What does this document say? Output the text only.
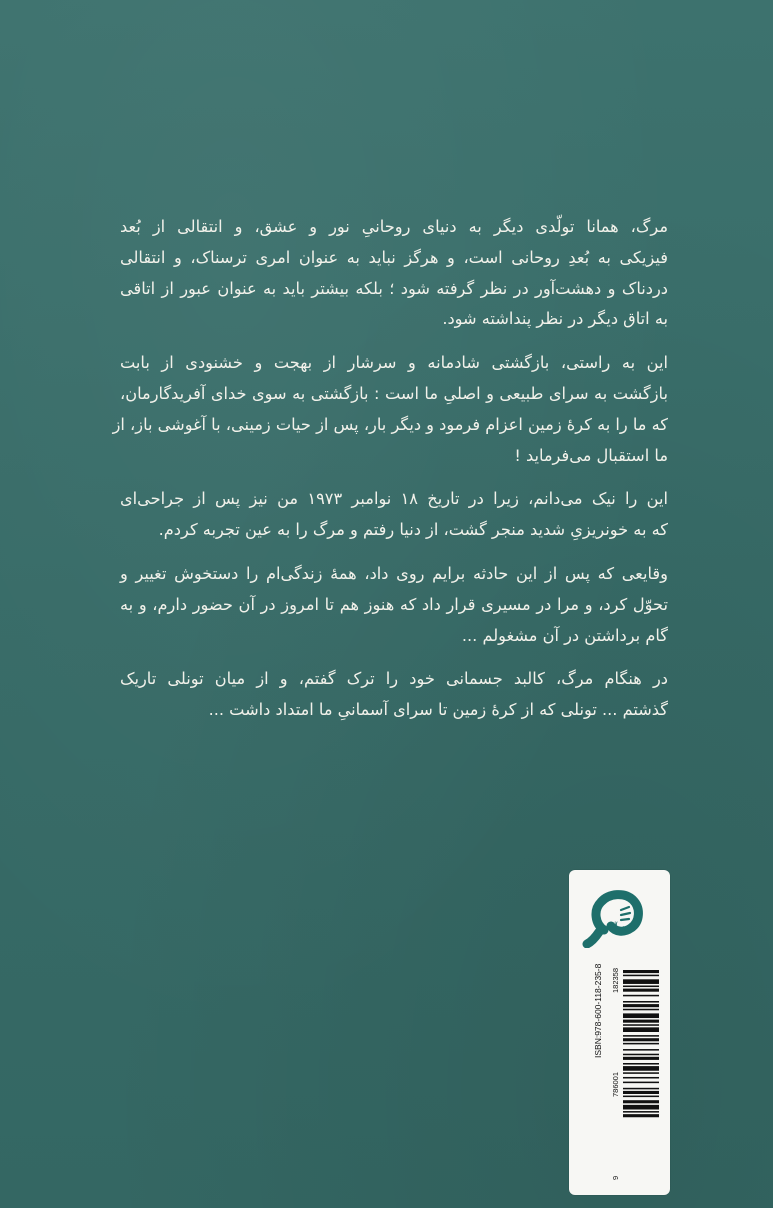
مرگ، همانا تولّدی دیگر به دنیای روحانیِ نور و عشق، و انتقالی از بُعد
فیزیکی به بُعدِ روحانی است، و هرگز نباید به عنوان امری ترسناک، و انتقالی
دردناک و دهشت‌آور در نظر گرفته شود ؛ بلکه بیشتر باید به عنوان عبور از اتاقی
به اتاق دیگر در نظر پنداشته شود.
این به راستی، بازگشتی شادمانه و سرشار از بهجت و خشنودی از بابت
بازگشت به سرای طبیعی و اصلیِ ما است : بازگشتی به سوی خدای آفریدگارمان،
که ما را به کرهٔ زمین اعزام فرمود و دیگر بار، پس از حیات زمینی، با آغوشی باز، از
ما استقبال می‌فرماید !
این را نیک می‌دانم، زیرا در تاریخ ۱۸ نوامبر ۱۹۷۳ من نیز پس از جراحی‌ای
که به خونریزیِ شدید منجر گشت، از دنیا رفتم و مرگ را به عین تجربه کردم.
وقایعی که پس از این حادثه برایم روی داد، همهٔ زندگی‌ام را دستخوش تغییر و
تحوّل کرد، و مرا در مسیری قرار داد که هنوز هم تا امروز در آن حضور دارم، و به
گام برداشتن در آن مشغولم ...
در هنگام مرگ، کالبد جسمانی خود را ترک گفتم، و از میان تونلی تاریک
گذشتم ... تونلی که از کرهٔ زمین تا سرای آسمانیِ ما امتداد داشت ...
ذهن آویز
ISBN:978-600-118-235-8
9
786001
182358
